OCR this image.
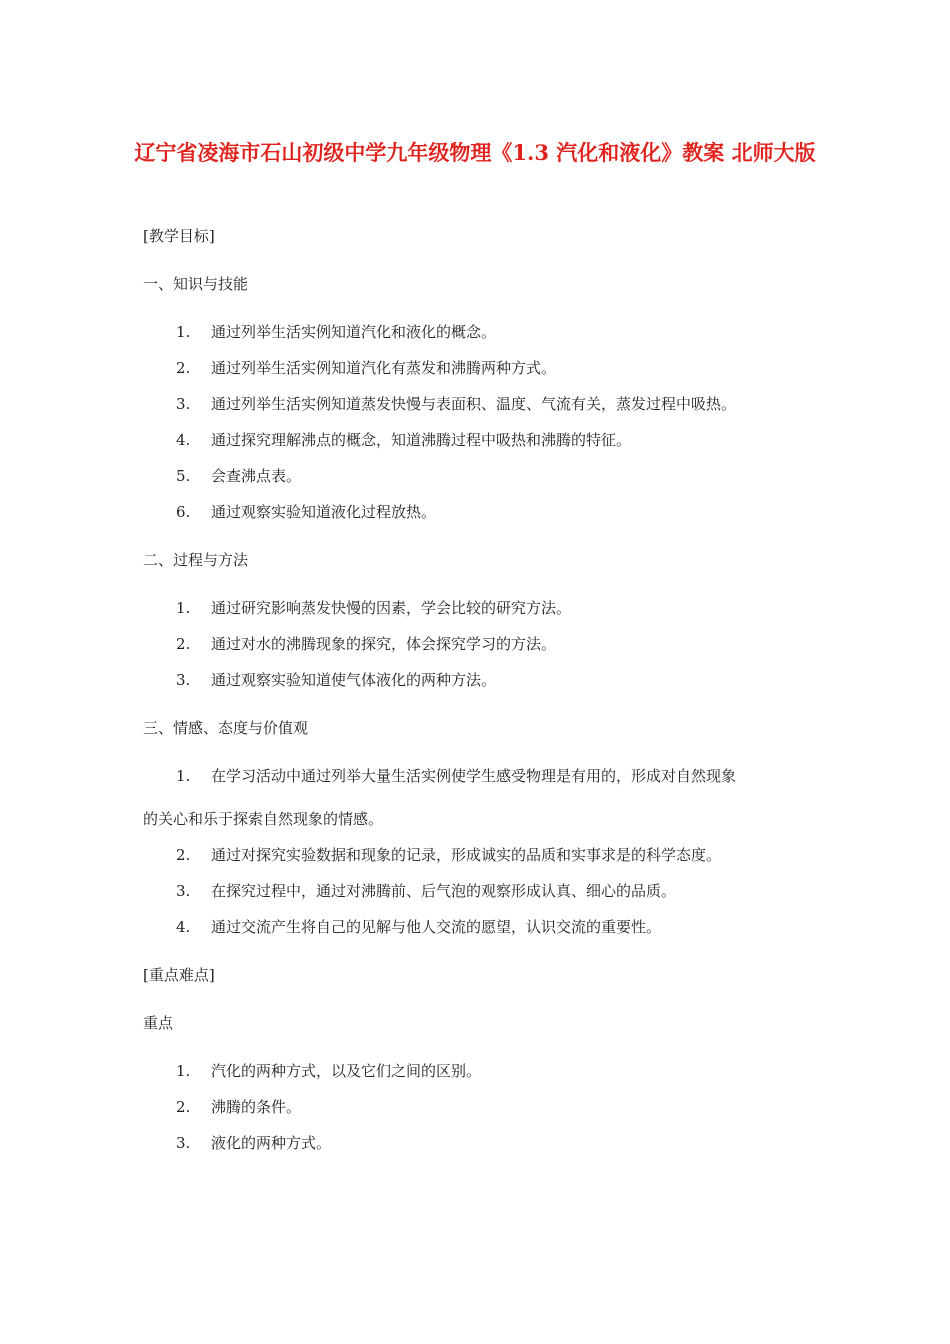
辽宁省凌海市石山初级中学九年级物理《1.3 汽化和液化》教案 北师大版
[教学目标]
一、知识与技能
1. 通过列举生活实例知道汽化和液化的概念。
2. 通过列举生活实例知道汽化有蒸发和沸腾两种方式。
3. 通过列举生活实例知道蒸发快慢与表面积、温度、气流有关，蒸发过程中吸热。
4. 通过探究理解沸点的概念，知道沸腾过程中吸热和沸腾的特征。
5. 会查沸点表。
6. 通过观察实验知道液化过程放热。
二、过程与方法
1. 通过研究影响蒸发快慢的因素，学会比较的研究方法。
2. 通过对水的沸腾现象的探究，体会探究学习的方法。
3. 通过观察实验知道使气体液化的两种方法。
三、情感、态度与价值观
1. 在学习活动中通过列举大量生活实例使学生感受物理是有用的，形成对自然现象
的关心和乐于探索自然现象的情感。
2. 通过对探究实验数据和现象的记录，形成诚实的品质和实事求是的科学态度。
3. 在探究过程中，通过对沸腾前、后气泡的观察形成认真、细心的品质。
4. 通过交流产生将自己的见解与他人交流的愿望，认识交流的重要性。
[重点难点]
重点
1. 汽化的两种方式，以及它们之间的区别。
2. 沸腾的条件。
3. 液化的两种方式。
